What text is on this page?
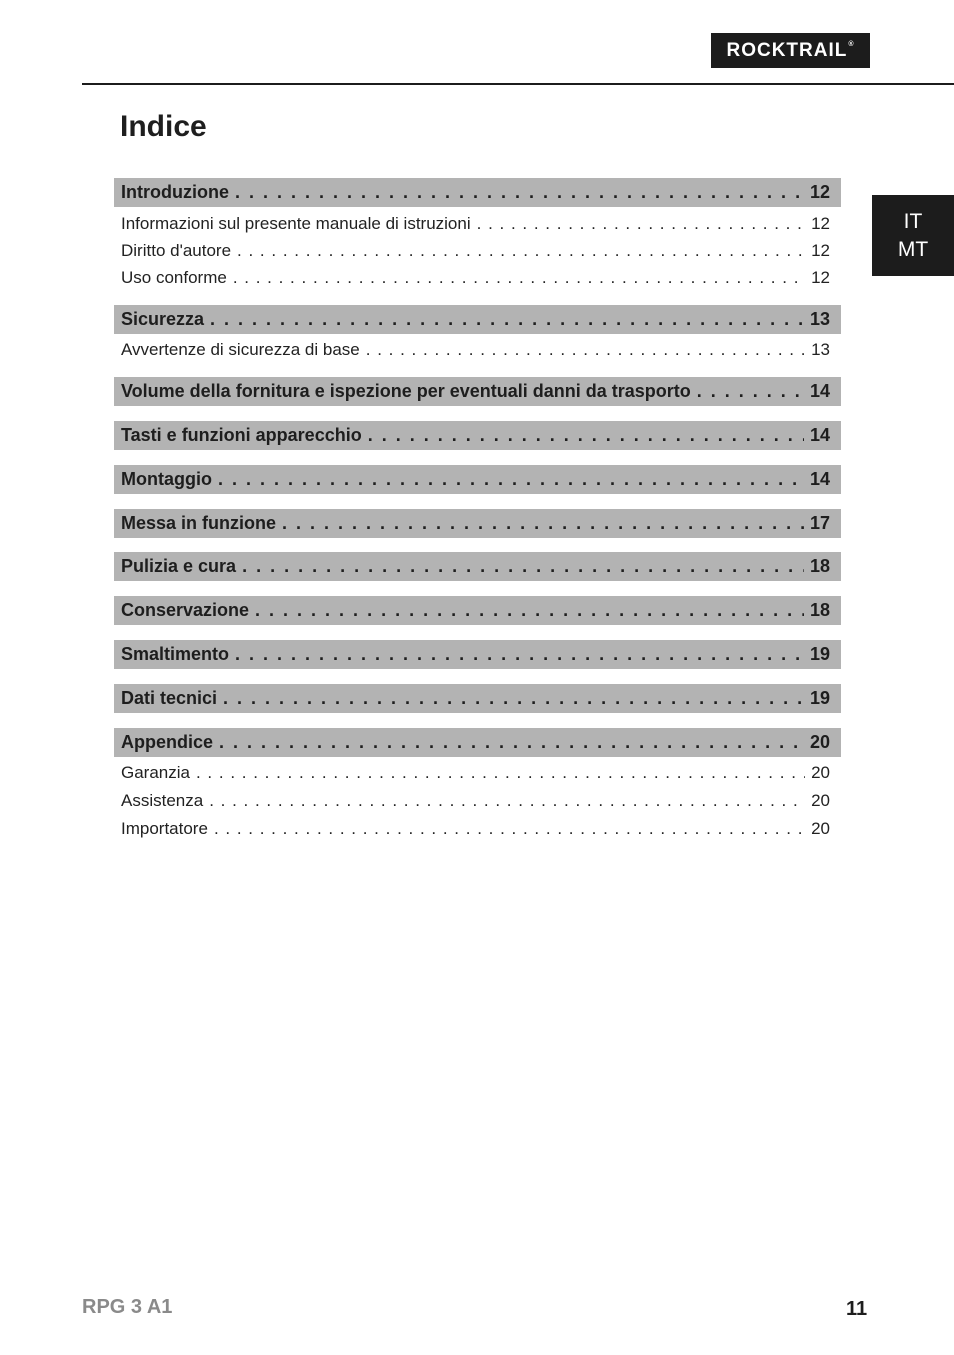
ROCKTRAIL®
Indice
IT
MT
Introduzione . . .	12
Informazioni sul presente manuale di istruzioni . . .	12
Diritto d'autore . . .	12
Uso conforme . . .	12
Sicurezza . . .	13
Avvertenze di sicurezza di base . . .	13
Volume della fornitura e ispezione per eventuali danni da trasporto . . .	14
Tasti e funzioni apparecchio . . .	14
Montaggio . . .	14
Messa in funzione . . .	17
Pulizia e cura . . .	18
Conservazione . . .	18
Smaltimento . . .	19
Dati tecnici . . .	19
Appendice . . .	20
Garanzia . . .	20
Assistenza . . .	20
Importatore . . .	20
RPG 3 A1	11
